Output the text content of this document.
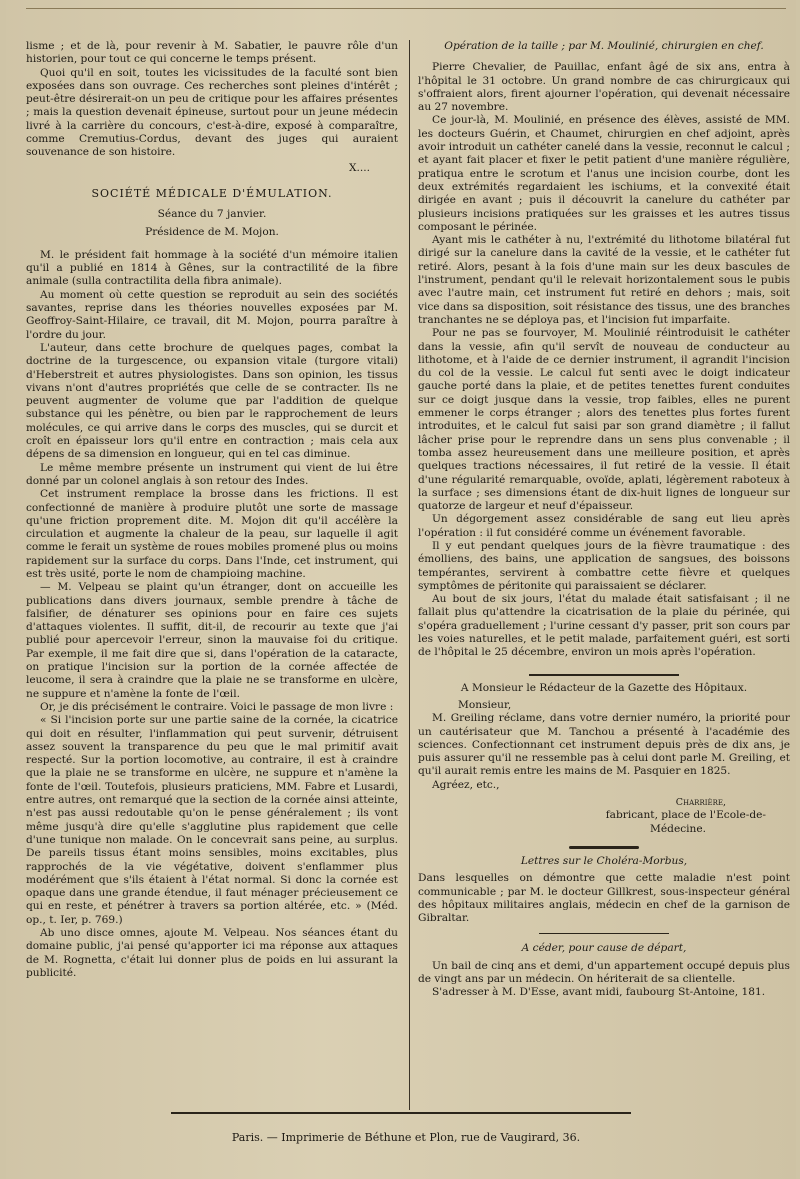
lisme ; et de là, pour revenir à M. Sabatier, le pauvre rôle d'un historien, pour tout ce qui concerne le temps présent.

Quoi qu'il en soit, toutes les vicissitudes de la faculté sont bien exposées dans son ouvrage. Ces recherches sont pleines d'intérêt ; peut-être désirerait-on un peu de critique pour les affaires présentes ; mais la question devenait épineuse, surtout pour un jeune médecin livré à la carrière du concours, c'est-à-dire, exposé à comparaître, comme Cremutius-Cordus, devant des juges qui auraient souvenance de son histoire.

X....

SOCIÉTÉ MÉDICALE D'ÉMULATION.

Séance du 7 janvier.

Présidence de M. Mojon.

M. le président fait hommage à la société d'un mémoire italien qu'il a publié en 1814 à Gênes, sur la contractilité de la fibre animale (sulla contractilita della fibra animale).

Au moment où cette question se reproduit au sein des sociétés savantes, reprise dans les théories nouvelles exposées par M. Geoffroy-Saint-Hilaire, ce travail, dit M. Mojon, pourra paraître à l'ordre du jour.

L'auteur, dans cette brochure de quelques pages, combat la doctrine de la turgescence, ou expansion vitale (turgore vitali) d'Heberstreit et autres physiologistes. Dans son opinion, les tissus vivans n'ont d'autres propriétés que celle de se contracter. Ils ne peuvent augmenter de volume que par l'addition de quelque substance qui les pénètre, ou bien par le rapprochement de leurs molécules, ce qui arrive dans le corps des muscles, qui se durcit et croît en épaisseur lors qu'il entre en contraction ; mais cela aux dépens de sa dimension en longueur, qui en tel cas diminue.

Le même membre présente un instrument qui vient de lui être donné par un colonel anglais à son retour des Indes.

Cet instrument remplace la brosse dans les frictions. Il est confectionné de manière à produire plutôt une sorte de massage qu'une friction proprement dite. M. Mojon dit qu'il accélère la circulation et augmente la chaleur de la peau, sur laquelle il agit comme le ferait un système de roues mobiles promené plus ou moins rapidement sur la surface du corps. Dans l'Inde, cet instrument, qui est très usité, porte le nom de champioing machine.

— M. Velpeau se plaint qu'un étranger, dont on accueille les publications dans divers journaux, semble prendre à tâche de falsifier, de dénaturer ses opinions pour en faire ces sujets d'attaques violentes. Il suffit, dit-il, de recourir au texte que j'ai publié pour apercevoir l'erreur, sinon la mauvaise foi du critique. Par exemple, il me fait dire que si, dans l'opération de la cataracte, on pratique l'incision sur la portion de la cornée affectée de leucome, il sera à craindre que la plaie ne se transforme en ulcère, ne suppure et n'amène la fonte de l'œil.

Or, je dis précisément le contraire. Voici le passage de mon livre :

« Si l'incision porte sur une partie saine de la cornée, la cicatrice qui doit en résulter, l'inflammation qui peut survenir, détruisent assez souvent la transparence du peu que le mal primitif avait respecté. Sur la portion locomotive, au contraire, il est à craindre que la plaie ne se transforme en ulcère, ne suppure et n'amène la fonte de l'œil. Toutefois, plusieurs praticiens, MM. Fabre et Lusardi, entre autres, ont remarqué que la section de la cornée ainsi atteinte, n'est pas aussi redoutable qu'on le pense généralement ; ils vont même jusqu'à dire qu'elle s'agglutine plus rapidement que celle d'une tunique non malade. On le concevrait sans peine, au surplus. De pareils tissus étant moins sensibles, moins excitables, plus rapprochés de la vie végétative, doivent s'enflammer plus modérément que s'ils étaient à l'état normal. Si donc la cornée est opaque dans une grande étendue, il faut ménager précieusement ce qui en reste, et pénétrer à travers sa portion altérée, etc. » (Méd. op., t. Ier, p. 769.)

Ab uno disce omnes, ajoute M. Velpeau. Nos séances étant du domaine public, j'ai pensé qu'apporter ici ma réponse aux attaques de M. Rognetta, c'était lui donner plus de poids en lui assurant la publicité.

Opération de la taille ; par M. Moulinié, chirurgien en chef.

Pierre Chevalier, de Pauillac, enfant âgé de six ans, entra à l'hôpital le 31 octobre. Un grand nombre de cas chirurgicaux qui s'offraient alors, firent ajourner l'opération, qui devenait nécessaire au 27 novembre.

Ce jour-là, M. Moulinié, en présence des élèves, assisté de MM. les docteurs Guérin, et Chaumet, chirurgien en chef adjoint, après avoir introduit un cathéter canelé dans la vessie, reconnut le calcul ; et ayant fait placer et fixer le petit patient d'une manière régulière, pratiqua entre le scrotum et l'anus une incision courbe, dont les deux extrémités regardaient les ischiums, et la convexité était dirigée en avant ; puis il découvrit la canelure du cathéter par plusieurs incisions pratiquées sur les graisses et les autres tissus composant le périnée.

Ayant mis le cathéter à nu, l'extrémité du lithotome bilatéral fut dirigé sur la canelure dans la cavité de la vessie, et le cathéter fut retiré. Alors, pesant à la fois d'une main sur les deux bascules de l'instrument, pendant qu'il le relevait horizontalement sous le pubis avec l'autre main, cet instrument fut retiré en dehors ; mais, soit vice dans sa disposition, soit résistance des tissus, une des branches tranchantes ne se déploya pas, et l'incision fut imparfaite.

Pour ne pas se fourvoyer, M. Moulinié réintroduisit le cathéter dans la vessie, afin qu'il servît de nouveau de conducteur au lithotome, et à l'aide de ce dernier instrument, il agrandit l'incision du col de la vessie. Le calcul fut senti avec le doigt indicateur gauche porté dans la plaie, et de petites tenettes furent conduites sur ce doigt jusque dans la vessie, trop faibles, elles ne purent emmener le corps étranger ; alors des tenettes plus fortes furent introduites, et le calcul fut saisi par son grand diamètre ; il fallut lâcher prise pour le reprendre dans un sens plus convenable ; il tomba assez heureusement dans une meilleure position, et après quelques tractions nécessaires, il fut retiré de la vessie. Il était d'une régularité remarquable, ovoïde, aplati, légèrement raboteux à la surface ; ses dimensions étant de dix-huit lignes de longueur sur quatorze de largeur et neuf d'épaisseur.

Un dégorgement assez considérable de sang eut lieu après l'opération : il fut considéré comme un événement favorable.

Il y eut pendant quelques jours de la fièvre traumatique : des émolliens, des bains, une application de sangsues, des boissons tempérantes, servirent à combattre cette fièvre et quelques symptômes de péritonite qui paraissaient se déclarer.

Au bout de six jours, l'état du malade était satisfaisant ; il ne fallait plus qu'attendre la cicatrisation de la plaie du périnée, qui s'opéra graduellement ; l'urine cessant d'y passer, prit son cours par les voies naturelles, et le petit malade, parfaitement guéri, est sorti de l'hôpital le 25 décembre, environ un mois après l'opération.

A Monsieur le Rédacteur de la Gazette des Hôpitaux.

Monsieur,

M. Greiling réclame, dans votre dernier numéro, la priorité pour un cautérisateur que M. Tanchou a présenté à l'académie des sciences. Confectionnant cet instrument depuis près de dix ans, je puis assurer qu'il ne ressemble pas à celui dont parle M. Greiling, et qu'il aurait remis entre les mains de M. Pasquier en 1825.

Agréez, etc.,

Charrière,
fabricant, place de l'Ecole-de-
Médecine.

Lettres sur le Choléra-Morbus,

Dans lesquelles on démontre que cette maladie n'est point communicable ; par M. le docteur Gillkrest, sous-inspecteur général des hôpitaux militaires anglais, médecin en chef de la garnison de Gibraltar.

A céder, pour cause de départ,

Un bail de cinq ans et demi, d'un appartement occupé depuis plus de vingt ans par un médecin. On hériterait de sa clientelle.

S'adresser à M. D'Esse, avant midi, faubourg St-Antoine, 181.

Paris. — Imprimerie de Béthune et Plon, rue de Vaugirard, 36.
